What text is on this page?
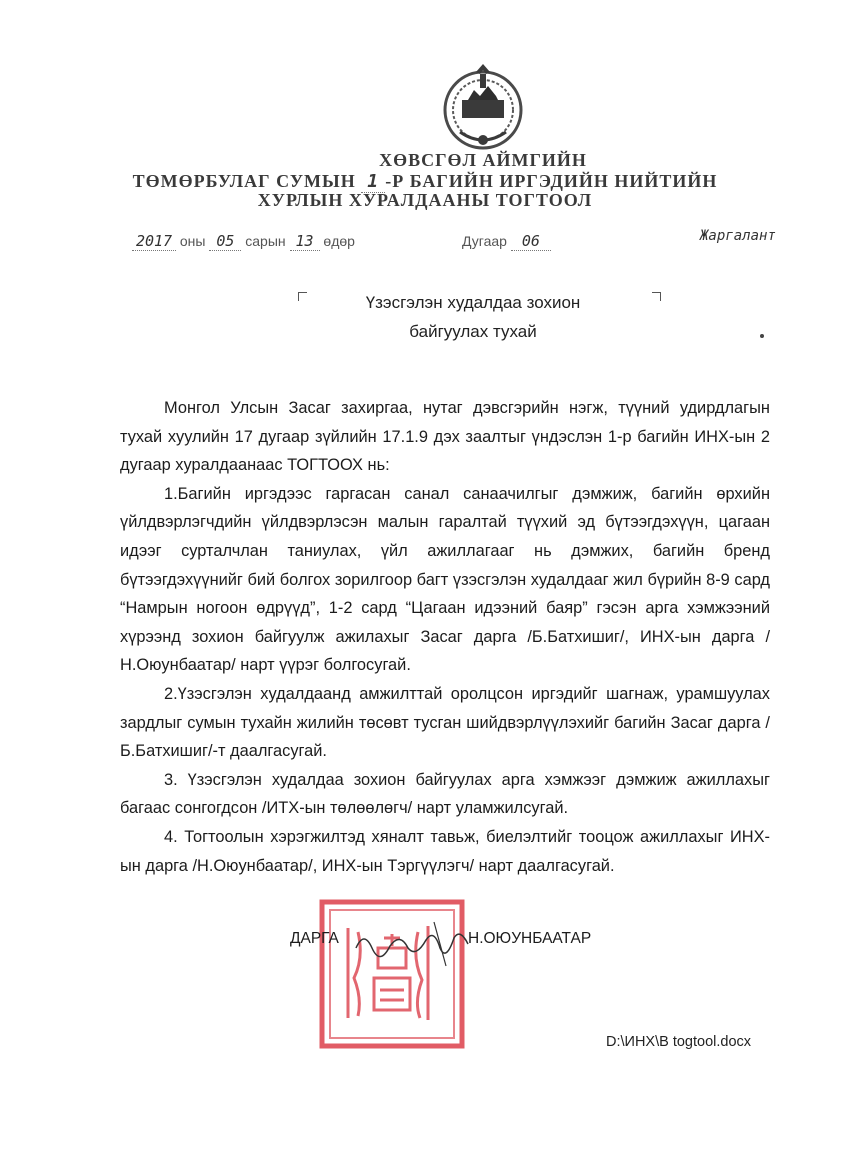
ХӨВСГӨЛ АЙМГИЙН
ТӨМӨРБУЛАГ СУМЫН 1 -Р БАГИЙН ИРГЭДИЙН НИЙТИЙН
ХУРЛЫН ХУРАЛДААНЫ ТОГТООЛ
2017 оны 05 сарын 13 өдөр	Дугаар 06	Жаргалант
Үзэсгэлэн худалдаа зохион
байгуулах тухай

Монгол Улсын Засаг захиргаа, нутаг дэвсгэрийн нэгж, түүний удирдлагын тухай хуулийн 17 дугаар зүйлийн 17.1.9 дэх заалтыг үндэслэн 1-р багийн ИНХ-ын 2 дугаар хуралдаанаас ТОГТООХ нь:

1.Багийн иргэдээс гаргасан санал санаачилгыг дэмжиж, багийн өрхийн үйлдвэрлэгчдийн үйлдвэрлэсэн малын гаралтай түүхий эд бүтээгдэхүүн, цагаан идээг сурталчлан таниулах, үйл ажиллагааг нь дэмжих, багийн бренд бүтээгдэхүүнийг бий болгох зорилгоор багт үзэсгэлэн худалдааг жил бүрийн 8-9 сард “Намрын ногоон өдрүүд”, 1-2 сард “Цагаан идээний баяр” гэсэн арга хэмжээний хүрээнд зохион байгуулж ажилахыг Засаг дарга /Б.Батхишиг/, ИНХ-ын дарга /Н.Оюунбаатар/ нарт үүрэг болгосугай.

2.Үзэсгэлэн худалдаанд амжилттай оролцсон иргэдийг шагнаж, урамшуулах зардлыг сумын тухайн жилийн төсөвт тусган шийдвэрлүүлэхийг багийн Засаг дарга /Б.Батхишиг/-т даалгасугай.

3. Үзэсгэлэн худалдаа зохион байгуулах арга хэмжээг дэмжиж ажиллахыг багаас сонгогдсон /ИТХ-ын төлөөлөгч/ нарт уламжилсугай.

4. Тогтоолын хэрэгжилтэд хяналт тавьж, биелэлтийг тооцож ажиллахыг ИНХ-ын дарга /Н.Оюунбаатар/, ИНХ-ын Тэргүүлэгч/ нарт даалгасугай.

ДАРГА	Н.ОЮУНБААТАР
D:\ИНХ\В togtool.docx
